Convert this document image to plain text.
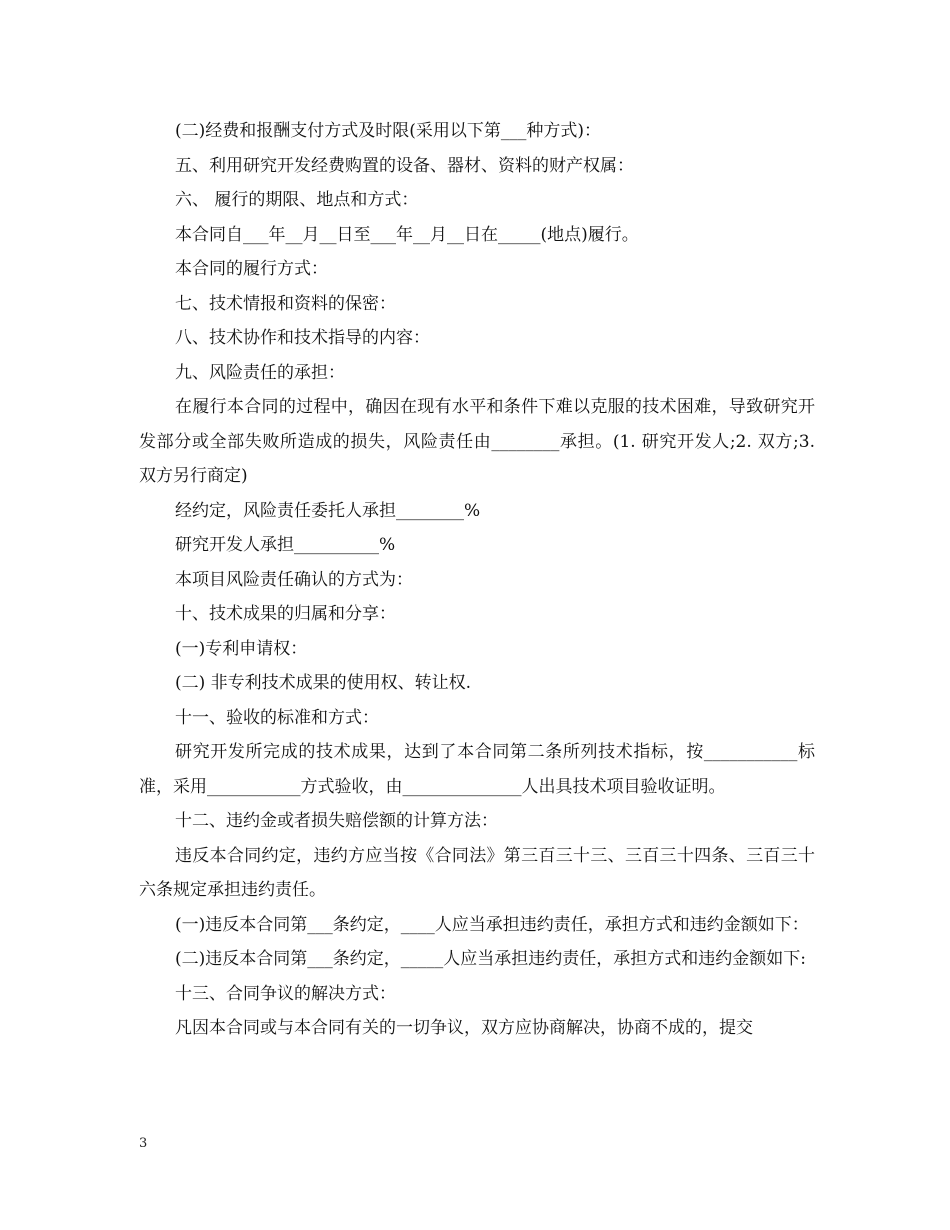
(二)经费和报酬支付方式及时限(采用以下第___种方式)：

五、利用研究开发经费购置的设备、器材、资料的财产权属：

六、 履行的期限、地点和方式：

本合同自___年__月__日至___年__月__日在_____(地点)履行。

本合同的履行方式：

七、技术情报和资料的保密：

八、技术协作和技术指导的内容：

九、风险责任的承担：

在履行本合同的过程中，确因在现有水平和条件下难以克服的技术困难，导致研究开发部分或全部失败所造成的损失，风险责任由________承担。(1. 研究开发人;2. 双方;3. 双方另行商定)

经约定，风险责任委托人承担________%

研究开发人承担__________%

本项目风险责任确认的方式为：

十、技术成果的归属和分享：

(一)专利申请权：

(二) 非专利技术成果的使用权、转让权.

十一、验收的标准和方式：

研究开发所完成的技术成果，达到了本合同第二条所列技术指标，按___________标准，采用___________方式验收，由______________人出具技术项目验收证明。

十二、违约金或者损失赔偿额的计算方法：

违反本合同约定，违约方应当按《合同法》第三百三十三、三百三十四条、三百三十六条规定承担违约责任。

(一)违反本合同第___条约定，____人应当承担违约责任，承担方式和违约金额如下：

(二)违反本合同第___条约定，_____人应当承担违约责任，承担方式和违约金额如下:

十三、合同争议的解决方式：

凡因本合同或与本合同有关的一切争议，双方应协商解决，协商不成的，提交

3
